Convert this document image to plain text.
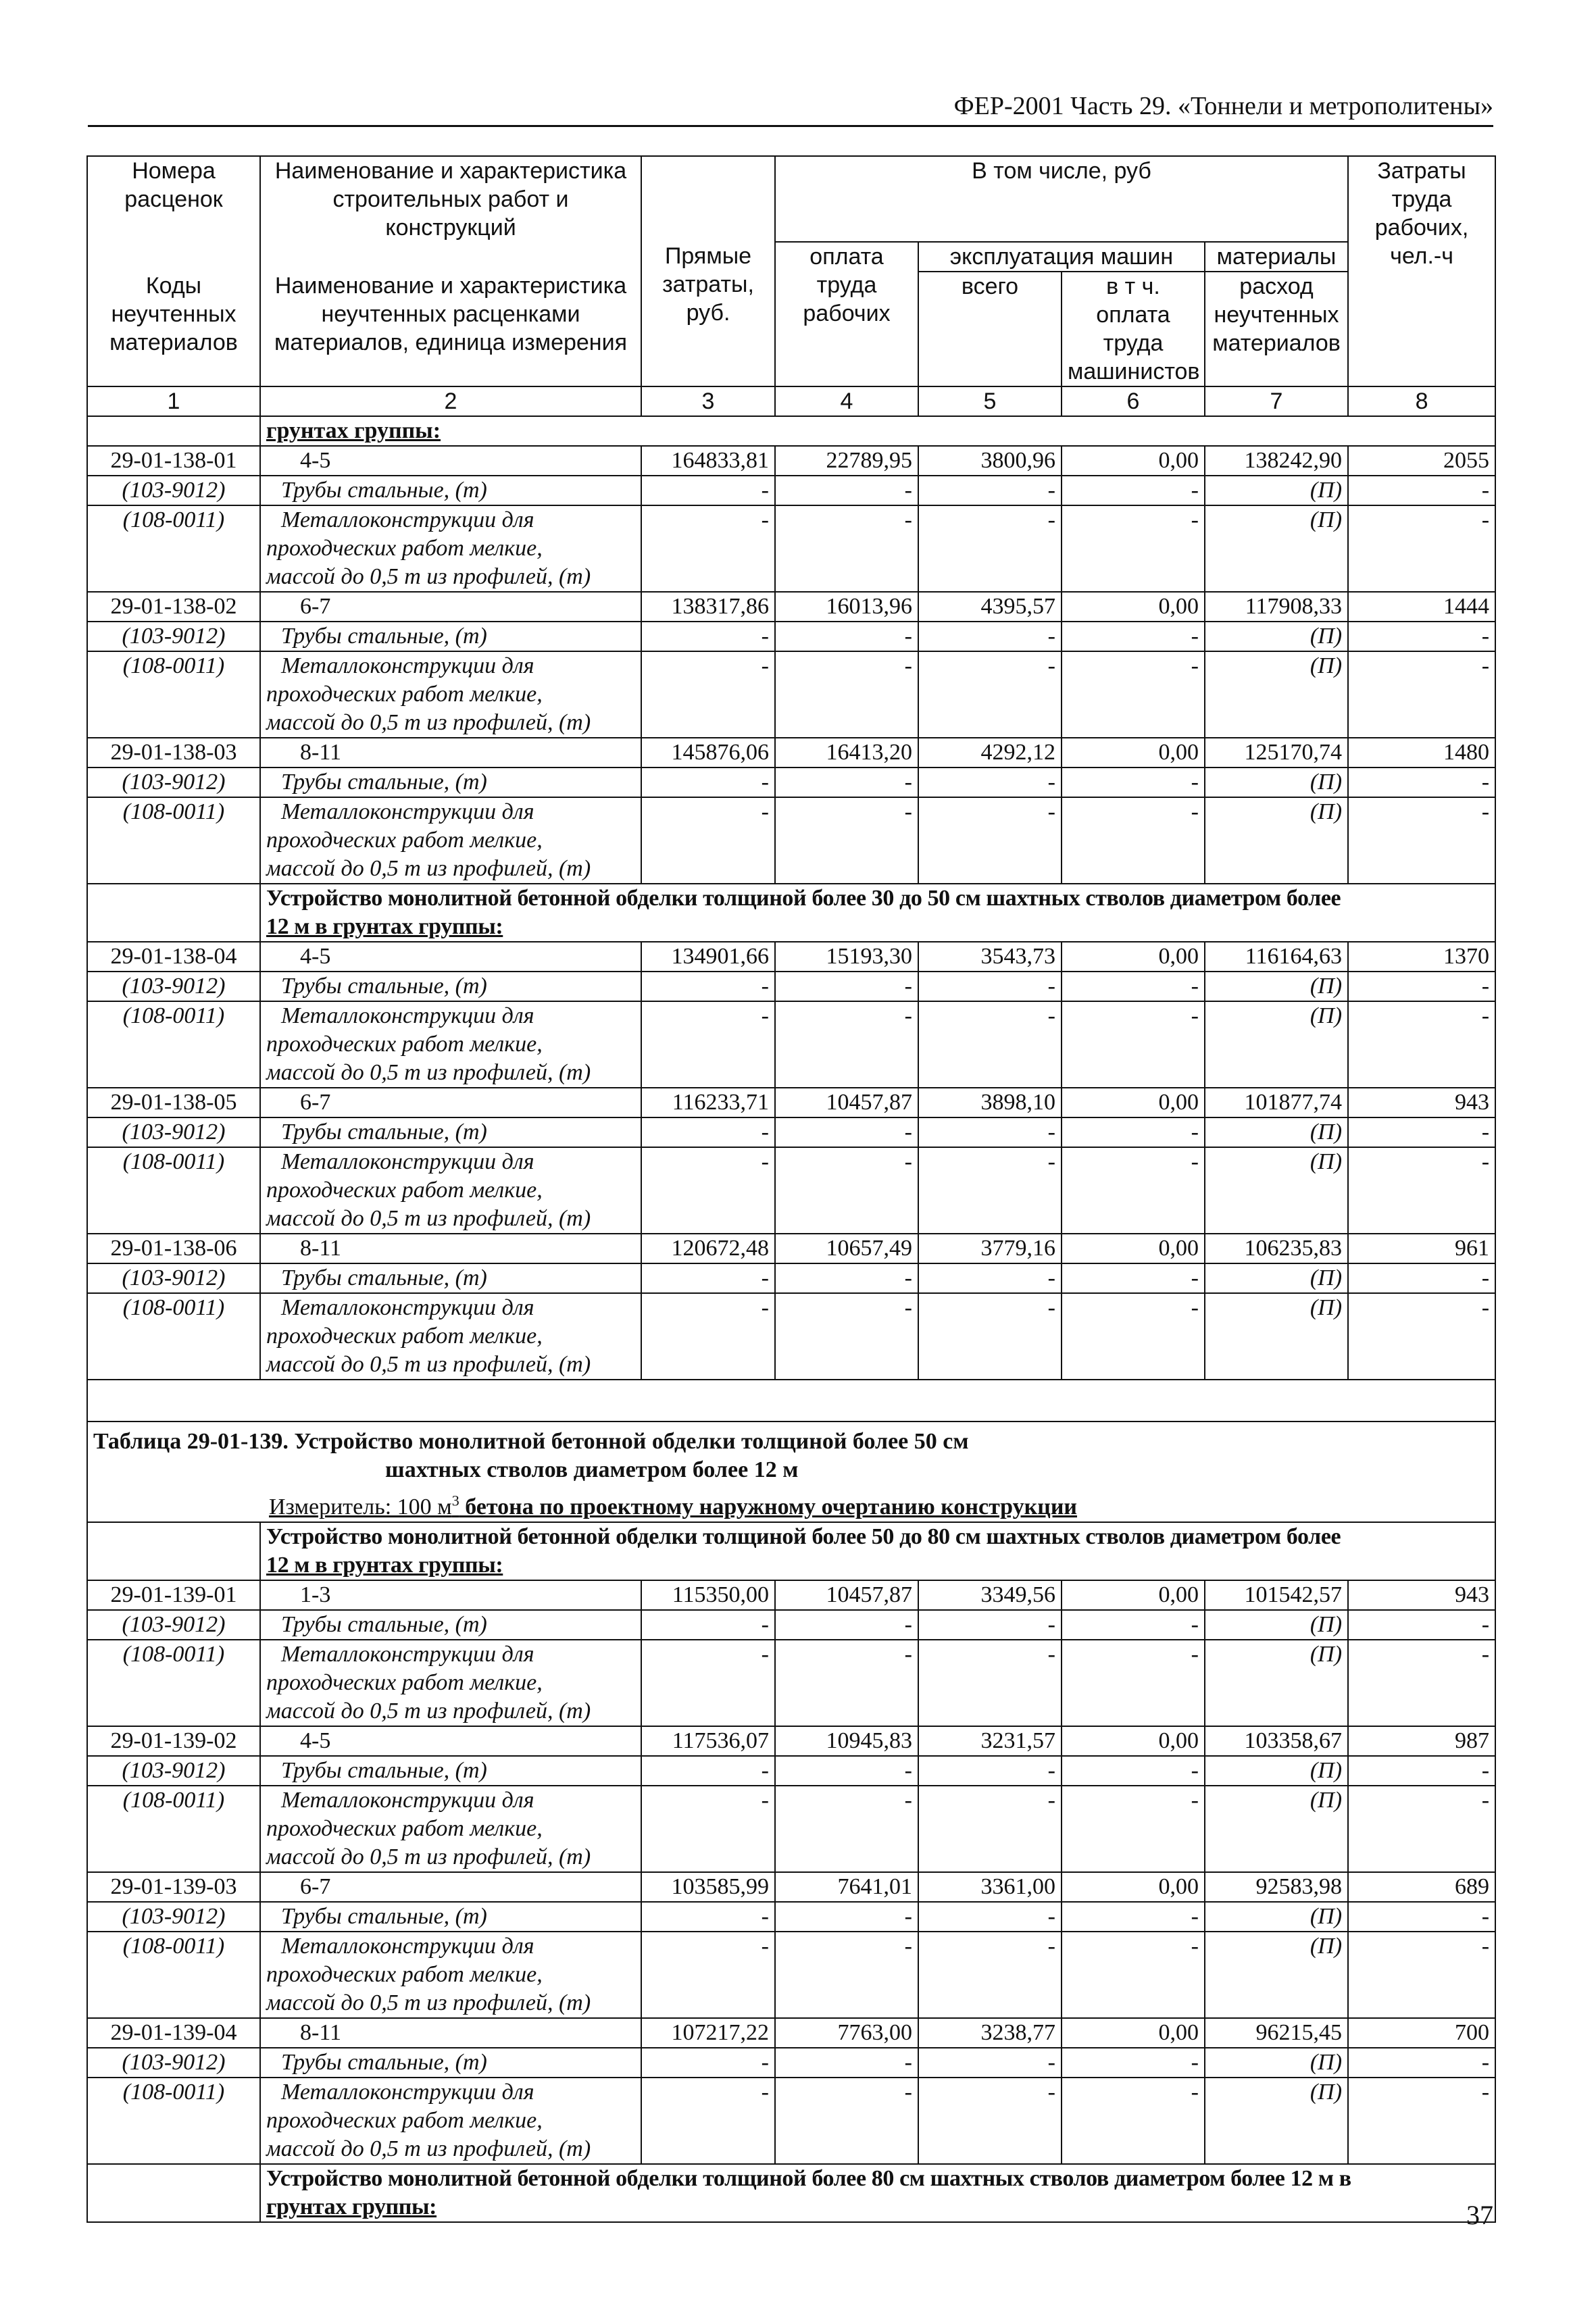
ФЕР-2001 Часть 29. «Тоннели и метрополитены»
Номера расценок	Наименование и характеристика строительных работ и конструкций		В том числе, руб				Затраты труда рабочих, чел.-ч
		Прямые затраты, руб.	оплата труда рабочих	эксплуатация машин		материалы	
Коды неучтенных материалов	Наименование и характеристика неучтенных расценками материалов, единица измерения			всего	в т ч. оплата труда машинистов	расход неучтенных материалов	
1	2	3	4	5	6	7	8
	грунтах группы:						
29-01-138-01	4-5	164833,81	22789,95	3800,96	0,00	138242,90	2055
(103-9012)	Трубы стальные, (т)	-	-	-	-	(П)	-
(108-0011)	Металлоконструкции для
проходческих работ мелкие,
массой до 0,5 т из профилей, (т)	-	-	-	-	(П)	-
29-01-138-02	6-7	138317,86	16013,96	4395,57	0,00	117908,33	1444
(103-9012)	Трубы стальные, (т)	-	-	-	-	(П)	-
(108-0011)	Металлоконструкции для
проходческих работ мелкие,
массой до 0,5 т из профилей, (т)	-	-	-	-	(П)	-
29-01-138-03	8-11	145876,06	16413,20	4292,12	0,00	125170,74	1480
(103-9012)	Трубы стальные, (т)	-	-	-	-	(П)	-
(108-0011)	Металлоконструкции для
проходческих работ мелкие,
массой до 0,5 т из профилей, (т)	-	-	-	-	(П)	-

	Устройство монолитной бетонной обделки толщиной более 30 до 50 см шахтных стволов диаметром более
12 м в грунтах группы:						

29-01-138-04	4-5	134901,66	15193,30	3543,73	0,00	116164,63	1370
(103-9012)	Трубы стальные, (т)	-	-	-	-	(П)	-
(108-0011)	Металлоконструкции для
проходческих работ мелкие,
массой до 0,5 т из профилей, (т)	-	-	-	-	(П)	-
29-01-138-05	6-7	116233,71	10457,87	3898,10	0,00	101877,74	943
(103-9012)	Трубы стальные, (т)	-	-	-	-	(П)	-
(108-0011)	Металлоконструкции для
проходческих работ мелкие,
массой до 0,5 т из профилей, (т)	-	-	-	-	(П)	-
29-01-138-06	8-11	120672,48	10657,49	3779,16	0,00	106235,83	961
(103-9012)	Трубы стальные, (т)	-	-	-	-	(П)	-
(108-0011)	Металлоконструкции для
проходческих работ мелкие,
массой до 0,5 т из профилей, (т)	-	-	-	-	(П)	-

Таблица 29-01-139. Устройство монолитной бетонной обделки толщиной более 50 см
шахтных стволов диаметром более 12 м							

Измеритель: 100 $м^3$ бетона по проектному наружному очертанию конструкции							

	Устройство монолитной бетонной обделки толщиной более 50 до 80 см шахтных стволов диаметром более
12 м в грунтах группы:						

29-01-139-01	1-3	115350,00	10457,87	3349,56	0,00	101542,57	943
(103-9012)	Трубы стальные, (т)	-	-	-	-	(П)	-
(108-0011)	Металлоконструкции для
проходческих работ мелкие,
массой до 0,5 т из профилей, (т)	-	-	-	-	(П)	-
29-01-139-02	4-5	117536,07	10945,83	3231,57	0,00	103358,67	987
(103-9012)	Трубы стальные, (т)	-	-	-	-	(П)	-
(108-0011)	Металлоконструкции для
проходческих работ мелкие,
массой до 0,5 т из профилей, (т)	-	-	-	-	(П)	-
29-01-139-03	6-7	103585,99	7641,01	3361,00	0,00	92583,98	689
(103-9012)	Трубы стальные, (т)	-	-	-	-	(П)	-
(108-0011)	Металлоконструкции для
проходческих работ мелкие,
массой до 0,5 т из профилей, (т)	-	-	-	-	(П)	-
29-01-139-04	8-11	107217,22	7763,00	3238,77	0,00	96215,45	700
(103-9012)	Трубы стальные, (т)	-	-	-	-	(П)	-
(108-0011)	Металлоконструкции для
проходческих работ мелкие,
массой до 0,5 т из профилей, (т)	-	-	-	-	(П)	-

	Устройство монолитной бетонной обделки толщиной более 80 см шахтных стволов диаметром более 12 м в
грунтах группы:							37
